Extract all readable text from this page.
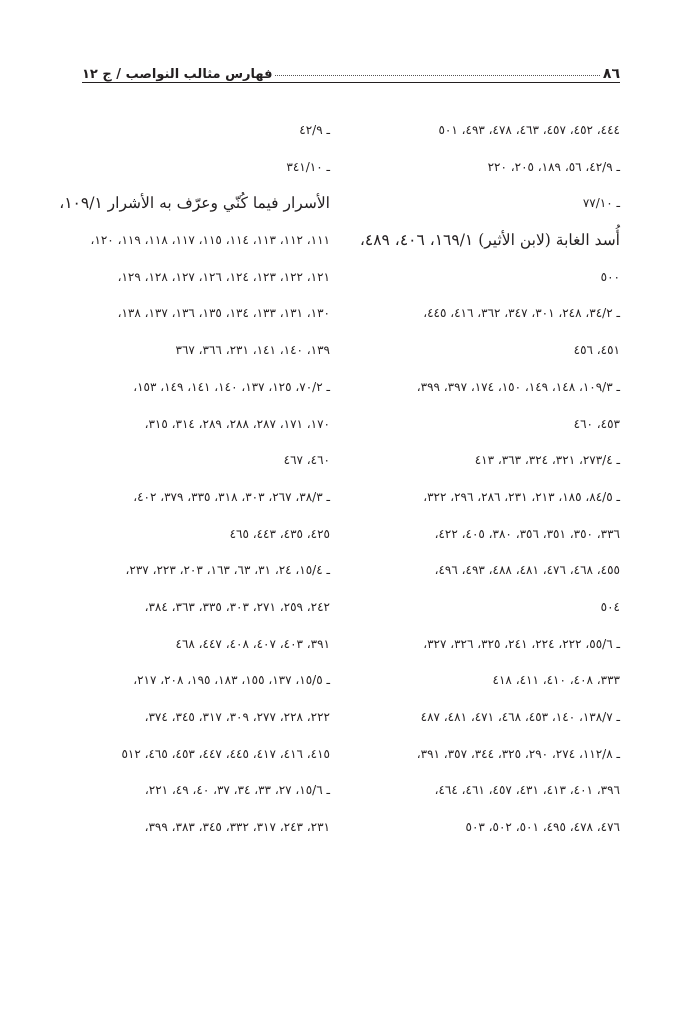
٨٦
فهارس مثالب النواصب / ج ١٢
٤٤٤، ٤٥٢، ٤٥٧، ٤٦٣، ٤٧٨، ٤٩٣، ٥٠١
ـ ٤٢/٩، ٥٦، ١٨٩، ٢٠٥، ٢٢٠
ـ ٧٧/١٠
أُسد الغابة (لابن الأثير) ١٦٩/١، ٤٠٦، ٤٨٩،
٥٠٠
ـ ٣٤/٢، ٢٤٨، ٣٠١، ٣٤٧، ٣٦٢، ٤١٦، ٤٤٥،
٤٥١، ٤٥٦
ـ ١٠٩/٣، ١٤٨، ١٤٩، ١٥٠، ١٧٤، ٣٩٧، ٣٩٩،
٤٥٣، ٤٦٠
ـ ٢٧٣/٤، ٣٢١، ٣٢٤، ٣٦٣، ٤١٣
ـ ٨٤/٥، ١٨٥، ٢١٣، ٢٣١، ٢٨٦، ٢٩٦، ٣٢٢،
٣٣٦، ٣٥٠، ٣٥١، ٣٥٦، ٣٨٠، ٤٠٥، ٤٢٢،
٤٥٥، ٤٦٨، ٤٧٦، ٤٨١، ٤٨٨، ٤٩٣، ٤٩٦،
٥٠٤
ـ ٥٥/٦، ٢٢٢، ٢٢٤، ٢٤١، ٣٢٥، ٣٢٦، ٣٢٧،
٣٣٣، ٤٠٨، ٤١٠، ٤١١، ٤١٨
ـ ١٣٨/٧، ١٤٠، ٤٥٣، ٤٦٨، ٤٧١، ٤٨١، ٤٨٧
ـ ١١٢/٨، ٢٧٤، ٢٩٠، ٣٢٥، ٣٤٤، ٣٥٧، ٣٩١،
٣٩٦، ٤٠١، ٤١٣، ٤٣١، ٤٥٧، ٤٦١، ٤٦٤،
٤٧٦، ٤٧٨، ٤٩٥، ٥٠١، ٥٠٢، ٥٠٣
ـ ٤٢/٩
ـ ٣٤١/١٠
الأسرار فيما كُنّي وعرّف به الأشرار ١٠٩/١،
١١١، ١١٢، ١١٣، ١١٤، ١١٥، ١١٧، ١١٨، ١١٩، ١٢٠،
١٢١، ١٢٢، ١٢٣، ١٢٤، ١٢٦، ١٢٧، ١٢٨، ١٢٩،
١٣٠، ١٣١، ١٣٣، ١٣٤، ١٣٥، ١٣٦، ١٣٧، ١٣٨،
١٣٩، ١٤٠، ١٤١، ٢٣١، ٣٦٦، ٣٦٧
ـ ٧٠/٢، ١٢٥، ١٣٧، ١٤٠، ١٤١، ١٤٩، ١٥٣،
١٧٠، ١٧١، ٢٨٧، ٢٨٨، ٢٨٩، ٣١٤، ٣١٥،
٤٦٠، ٤٦٧
ـ ٣٨/٣، ٢٦٧، ٣٠٣، ٣١٨، ٣٣٥، ٣٧٩، ٤٠٢،
٤٢٥، ٤٣٥، ٤٤٣، ٤٦٥
ـ ١٥/٤، ٢٤، ٣١، ٦٣، ١٦٣، ٢٠٣، ٢٢٣، ٢٣٧،
٢٤٢، ٢٥٩، ٢٧١، ٣٠٣، ٣٣٥، ٣٦٣، ٣٨٤،
٣٩١، ٤٠٣، ٤٠٧، ٤٠٨، ٤٤٧، ٤٦٨
ـ ١٥/٥، ١٣٧، ١٥٥، ١٨٣، ١٩٥، ٢٠٨، ٢١٧،
٢٢٢، ٢٢٨، ٢٧٧، ٣٠٩، ٣١٧، ٣٤٥، ٣٧٤،
٤١٥، ٤١٦، ٤١٧، ٤٤٥، ٤٤٧، ٤٥٣، ٤٦٥، ٥١٢
ـ ١٥/٦، ٢٧، ٣٣، ٣٤، ٣٧، ٤٠، ٤٩، ٢٢١،
٢٣١، ٢٤٣، ٣١٧، ٣٣٢، ٣٤٥، ٣٨٣، ٣٩٩،
